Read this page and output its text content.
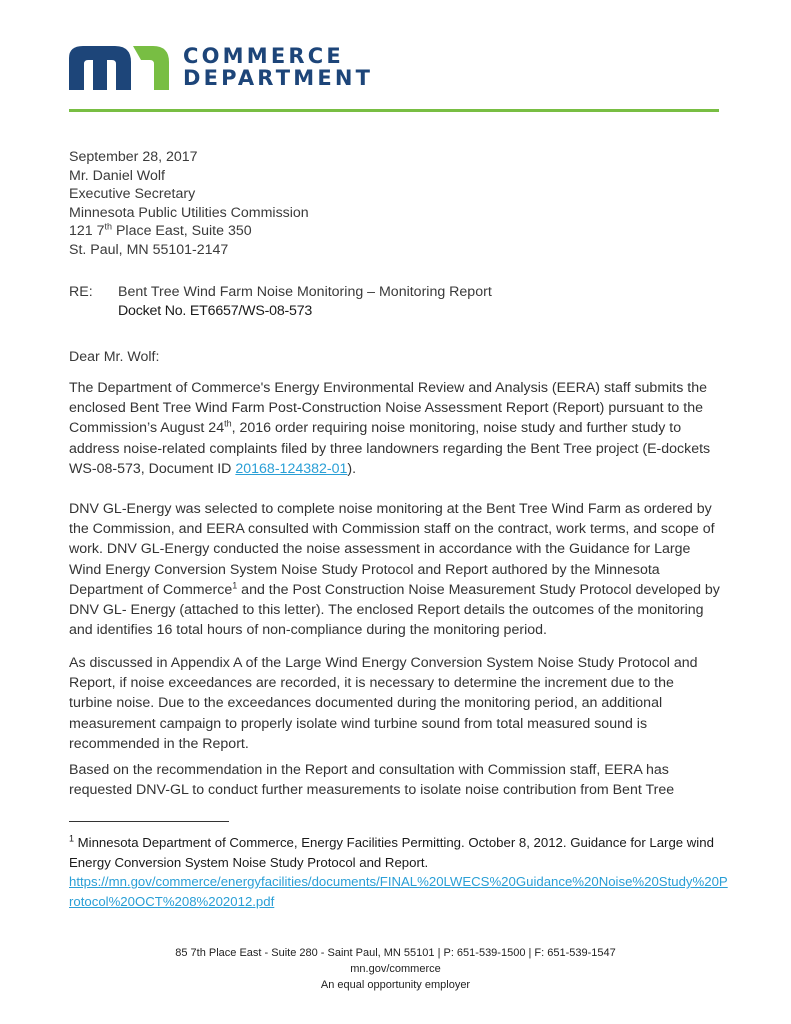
COMMERCE
DEPARTMENT
September 28, 2017
Mr. Daniel Wolf
Executive Secretary
Minnesota Public Utilities Commission
121 7th Place East, Suite 350
St. Paul, MN 55101-2147
RE:	Bent Tree Wind Farm Noise Monitoring – Monitoring Report
Docket No. ET6657/WS-08-573
Dear Mr. Wolf:
The Department of Commerce's Energy Environmental Review and Analysis (EERA) staff submits the enclosed Bent Tree Wind Farm Post-Construction Noise Assessment Report (Report) pursuant to the Commission’s August 24th, 2016 order requiring noise monitoring, noise study and further study to address noise-related complaints filed by three landowners regarding the Bent Tree project (E-dockets WS-08-573, Document ID 20168-124382-01).
DNV GL-Energy was selected to complete noise monitoring at the Bent Tree Wind Farm as ordered by the Commission, and EERA consulted with Commission staff on the contract, work terms, and scope of work. DNV GL-Energy conducted the noise assessment in accordance with the Guidance for Large Wind Energy Conversion System Noise Study Protocol and Report authored by the Minnesota Department of Commerce$^1$ and the Post Construction Noise Measurement Study Protocol developed by DNV GL- Energy (attached to this letter). The enclosed Report details the outcomes of the monitoring and identifies 16 total hours of non-compliance during the monitoring period.
As discussed in Appendix A of the Large Wind Energy Conversion System Noise Study Protocol and Report, if noise exceedances are recorded, it is necessary to determine the increment due to the turbine noise. Due to the exceedances documented during the monitoring period, an additional measurement campaign to properly isolate wind turbine sound from total measured sound is recommended in the Report.
Based on the recommendation in the Report and consultation with Commission staff, EERA has requested DNV-GL to conduct further measurements to isolate noise contribution from Bent Tree
$^1$ Minnesota Department of Commerce, Energy Facilities Permitting. October 8, 2012. Guidance for Large wind Energy Conversion System Noise Study Protocol and Report.
https://mn.gov/commerce/energyfacilities/documents/FINAL%20LWECS%20Guidance%20Noise%20Study%20Protocol%20OCT%208%202012.pdf
85 7th Place East - Suite 280 - Saint Paul, MN 55101 | P: 651-539-1500 | F: 651-539-1547
mn.gov/commerce
An equal opportunity employer
